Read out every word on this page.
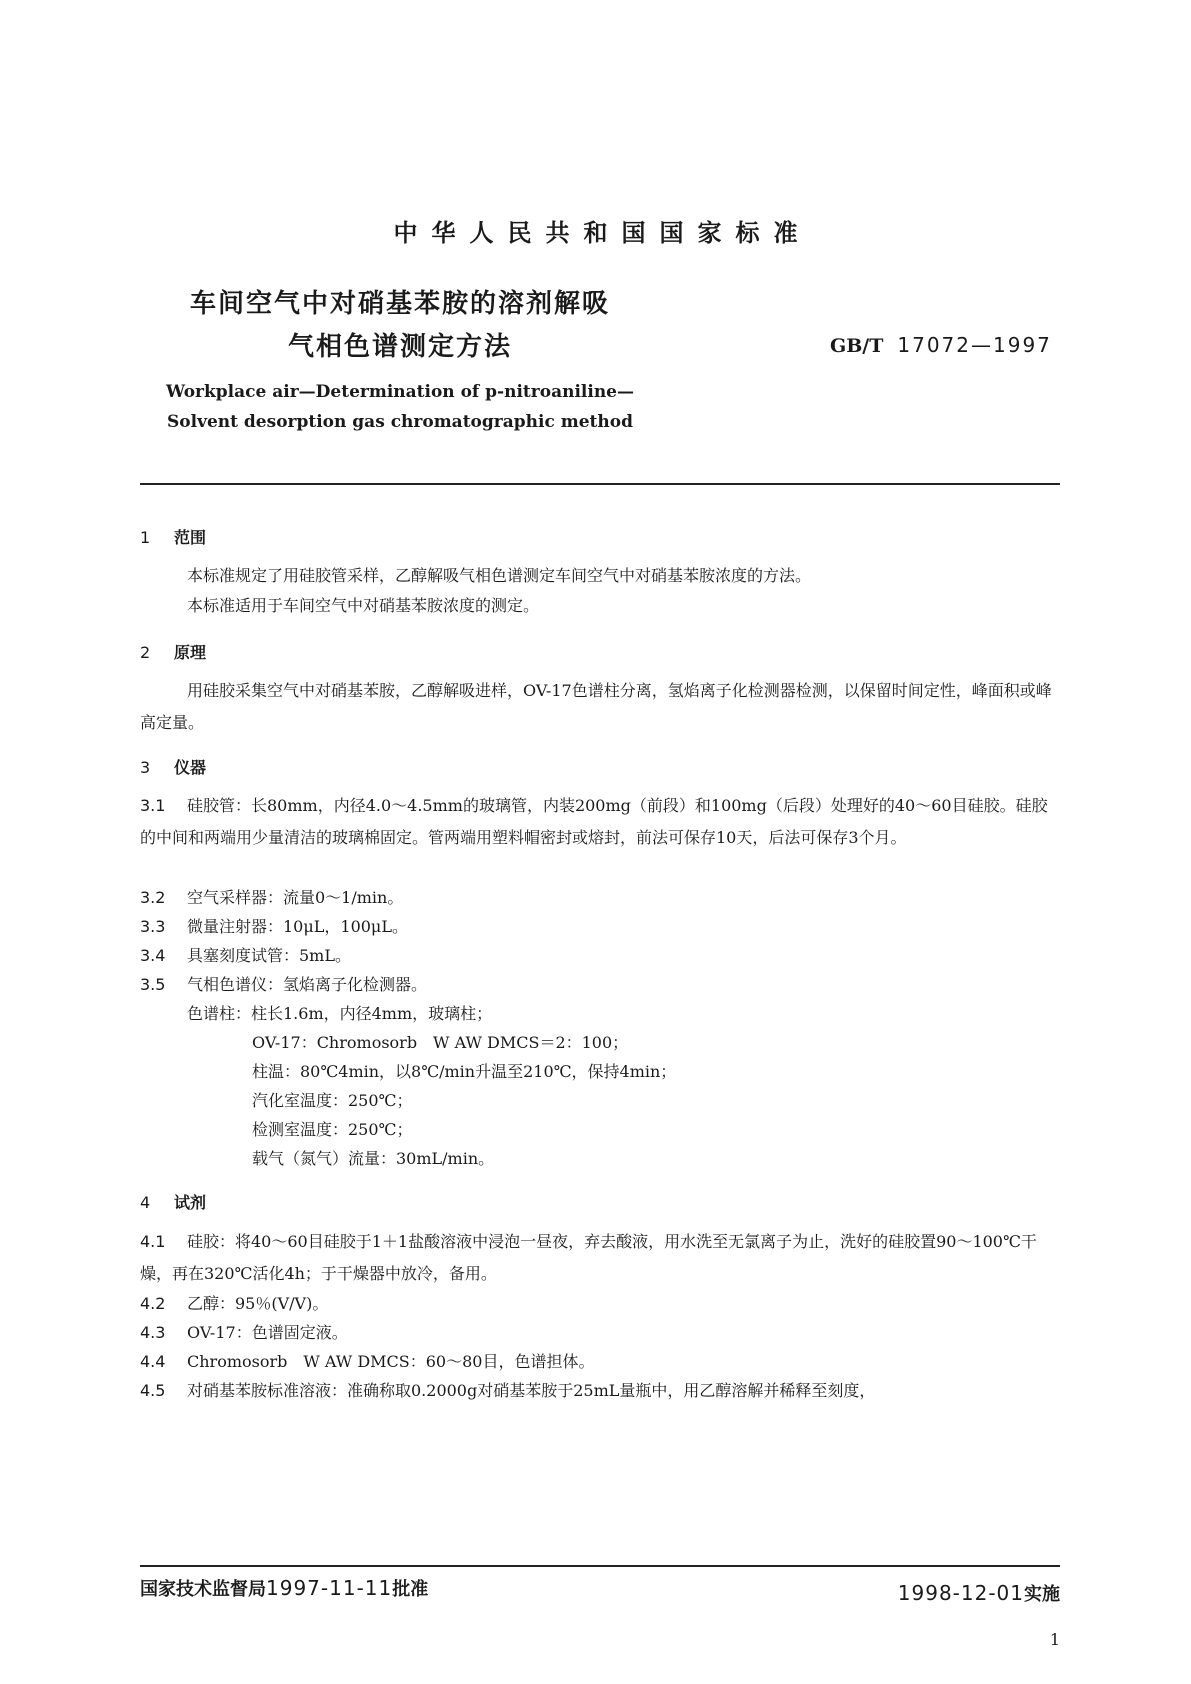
中华人民共和国国家标准
车间空气中对硝基苯胺的溶剂解吸
气相色谱测定方法	GB/T 17072—1997
Workplace air—Determination of p-nitroaniline—
Solvent desorption gas chromatographic method
1 范围
本标准规定了用硅胶管采样，乙醇解吸气相色谱测定车间空气中对硝基苯胺浓度的方法。
本标准适用于车间空气中对硝基苯胺浓度的测定。
2 原理
用硅胶采集空气中对硝基苯胺，乙醇解吸进样，OV-17色谱柱分离，氢焰离子化检测器检测，以保留时间定性，峰面积或峰高定量。
3 仪器
3.1 硅胶管：长80mm，内径4.0～4.5mm的玻璃管，内装200mg（前段）和100mg（后段）处理好的40～60目硅胶。硅胶的中间和两端用少量清洁的玻璃棉固定。管两端用塑料帽密封或熔封，前法可保存10天，后法可保存3个月。
3.2 空气采样器：流量0～1/min。
3.3 微量注射器：10μL，100μL。
3.4 具塞刻度试管：5mL。
3.5 气相色谱仪：氢焰离子化检测器。
色谱柱：柱长1.6m，内径4mm，玻璃柱；
OV-17：Chromosorb　W AW DMCS＝2：100；
柱温：80℃4min，以8℃/min升温至210℃，保持4min；
汽化室温度：250℃；
检测室温度：250℃；
载气（氮气）流量：30mL/min。
4 试剂
4.1 硅胶：将40～60目硅胶于1＋1盐酸溶液中浸泡一昼夜，弃去酸液，用水洗至无氯离子为止，洗好的硅胶置90～100℃干燥，再在320℃活化4h；于干燥器中放冷，备用。
4.2 乙醇：95％(V/V)。
4.3 OV-17：色谱固定液。
4.4 Chromosorb　W AW DMCS：60～80目，色谱担体。
4.5 对硝基苯胺标准溶液：准确称取0.2000g对硝基苯胺于25mL量瓶中，用乙醇溶解并稀释至刻度，
国家技术监督局1997-11-11批准	1998-12-01实施
1
